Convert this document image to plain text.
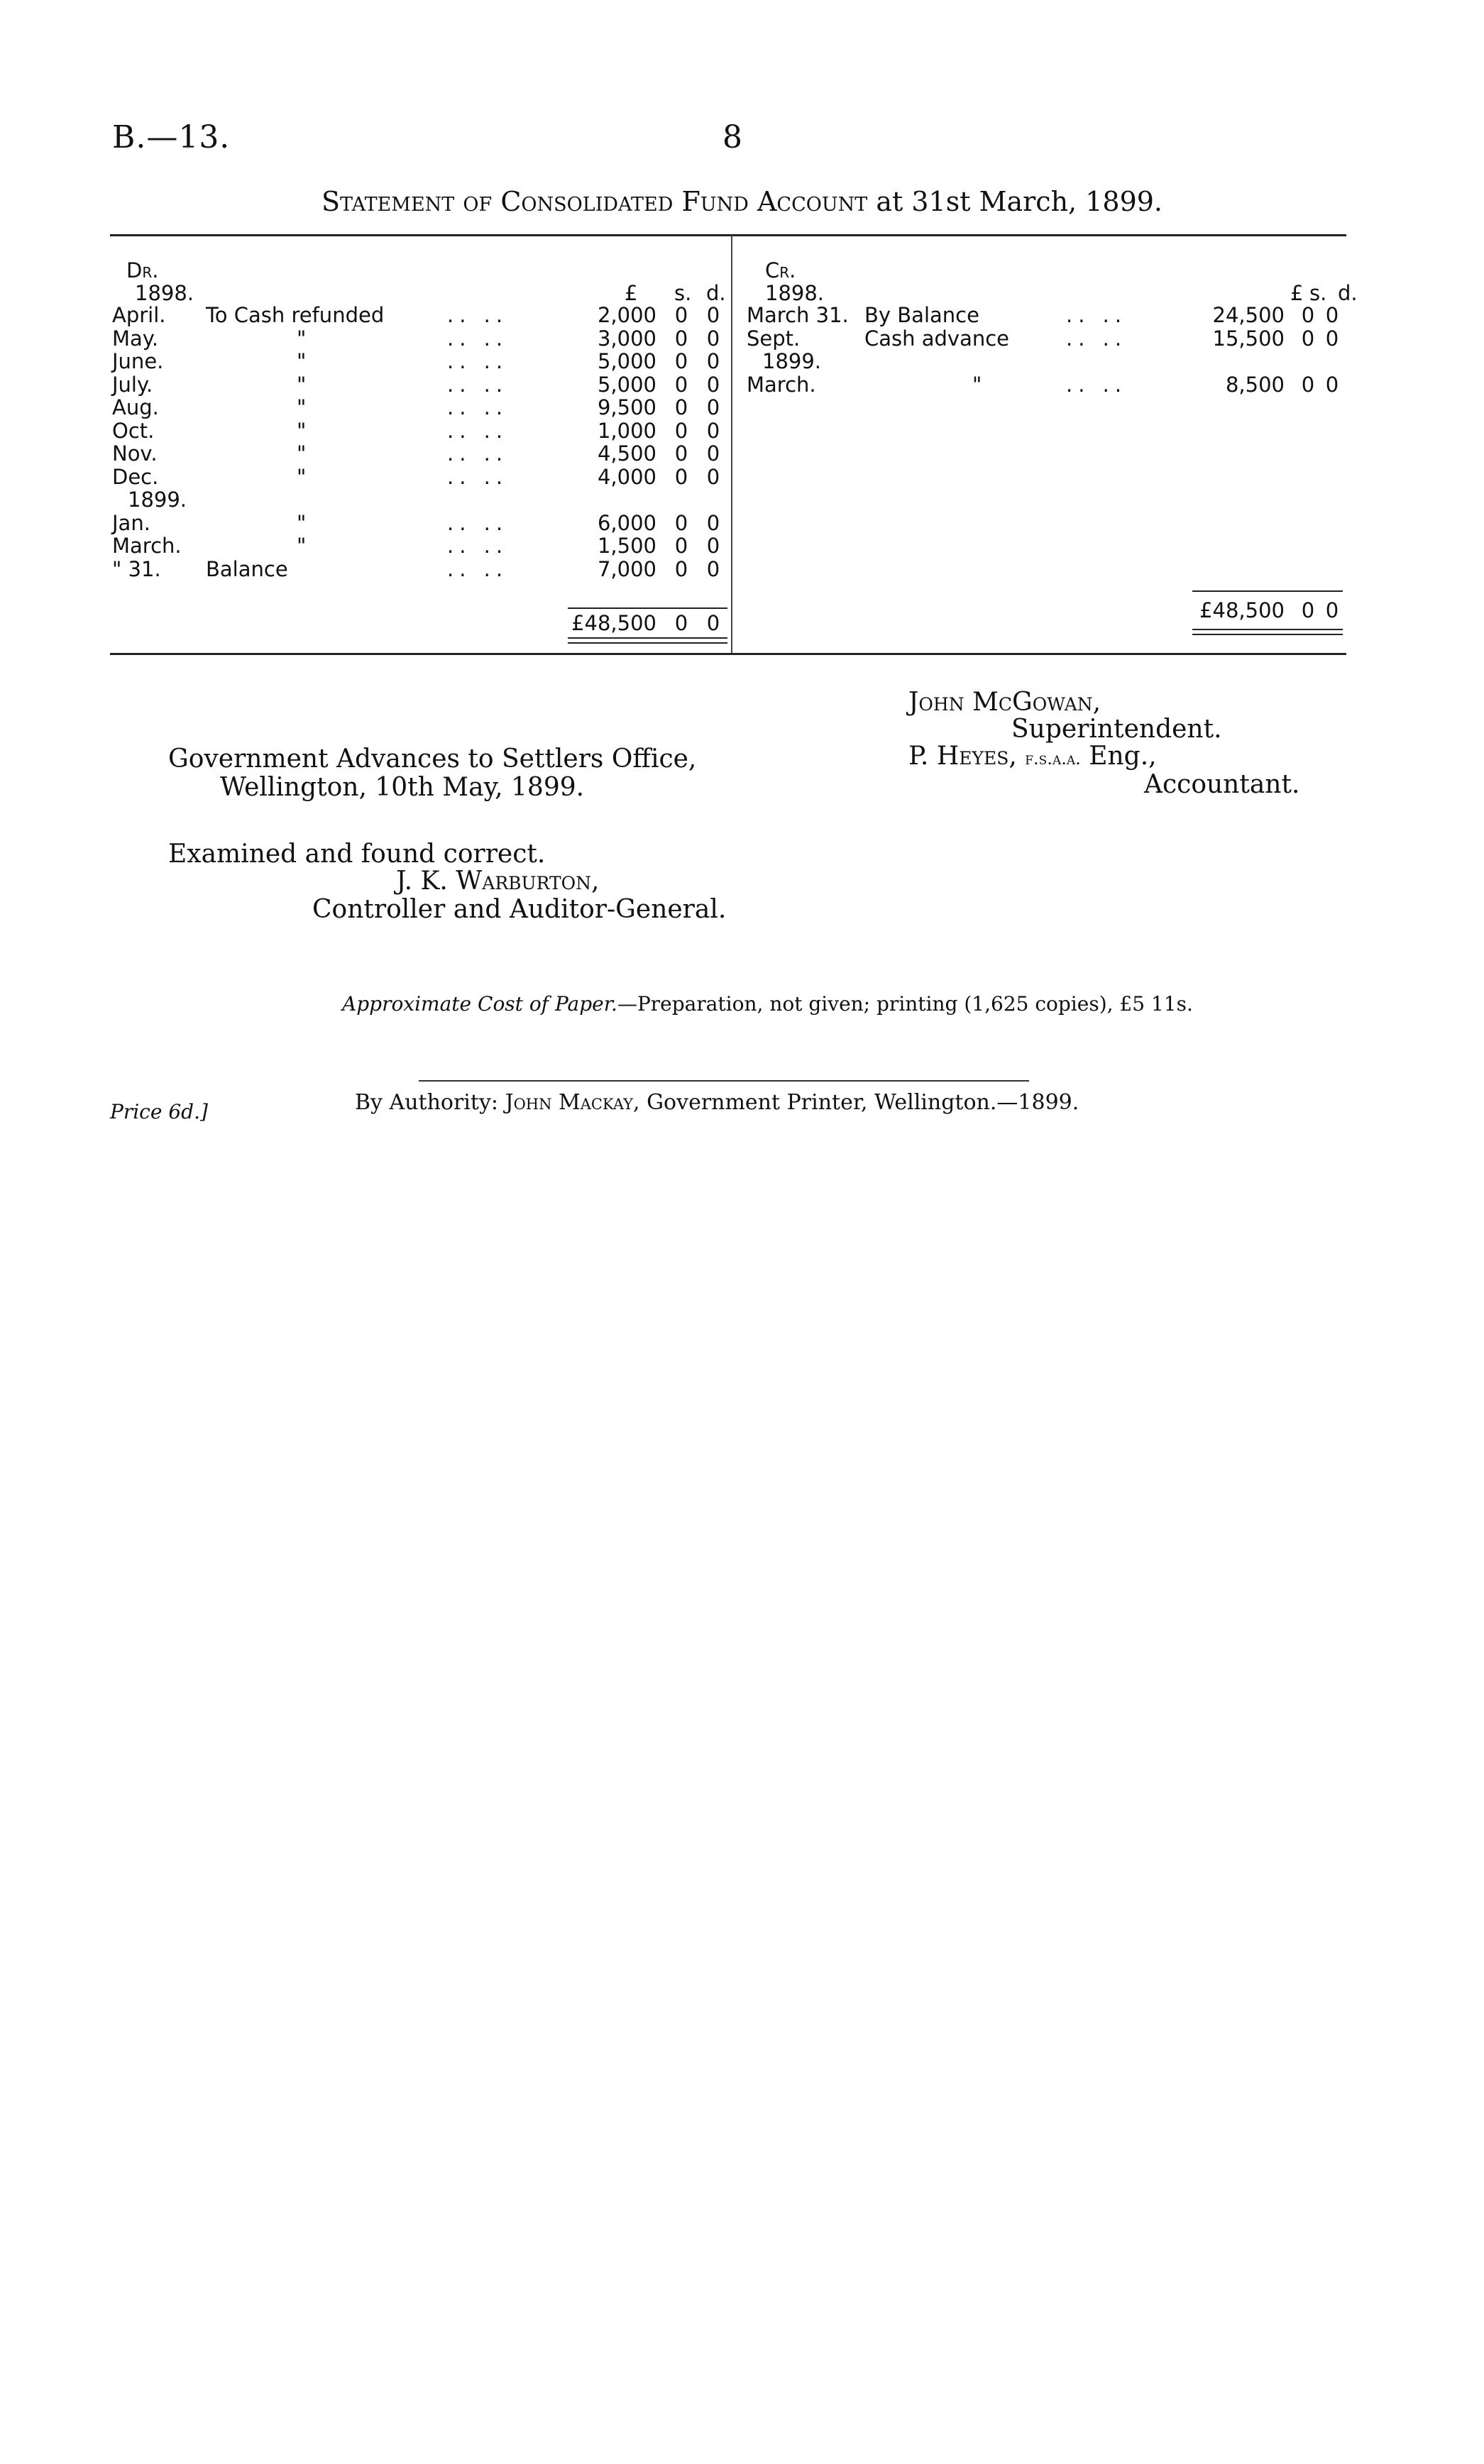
B.—13.	8
Statement of Consolidated Fund Account at 31st March, 1899.
Dr.
1898.	£ s. d.
April. To Cash refunded	.. ..	2,000 0 0
May.	"	.. ..	3,000 0 0
June.	"	.. ..	5,000 0 0
July.	"	.. ..	5,000 0 0
Aug.	"	.. ..	9,500 0 0
Oct.	"	.. ..	1,000 0 0
Nov.	"	.. ..	4,500 0 0
Dec.	"	.. ..	4,000 0 0
1899.
Jan.	"	.. ..	6,000 0 0
March.	"	.. ..	1,500 0 0
" 31. Balance	.. ..	7,000 0 0
£48,500 0 0
Cr.
1898.	£ s. d.
March 31. By Balance	.. ..	24,500 0 0
Sept.	Cash advance	.. ..	15,500 0 0
1899.
March.	"	.. ..	8,500 0 0
£48,500 0 0
John McGowan,
Superintendent.
P. Heyes, f.s.a.a. Eng.,
Accountant.
Government Advances to Settlers Office,
Wellington, 10th May, 1899.
Examined and found correct.
J. K. Warburton,
Controller and Auditor-General.
Approximate Cost of Paper.—Preparation, not given; printing (1,625 copies), £5 11s.
By Authority: John Mackay, Government Printer, Wellington.—1899.
Price 6d.]
